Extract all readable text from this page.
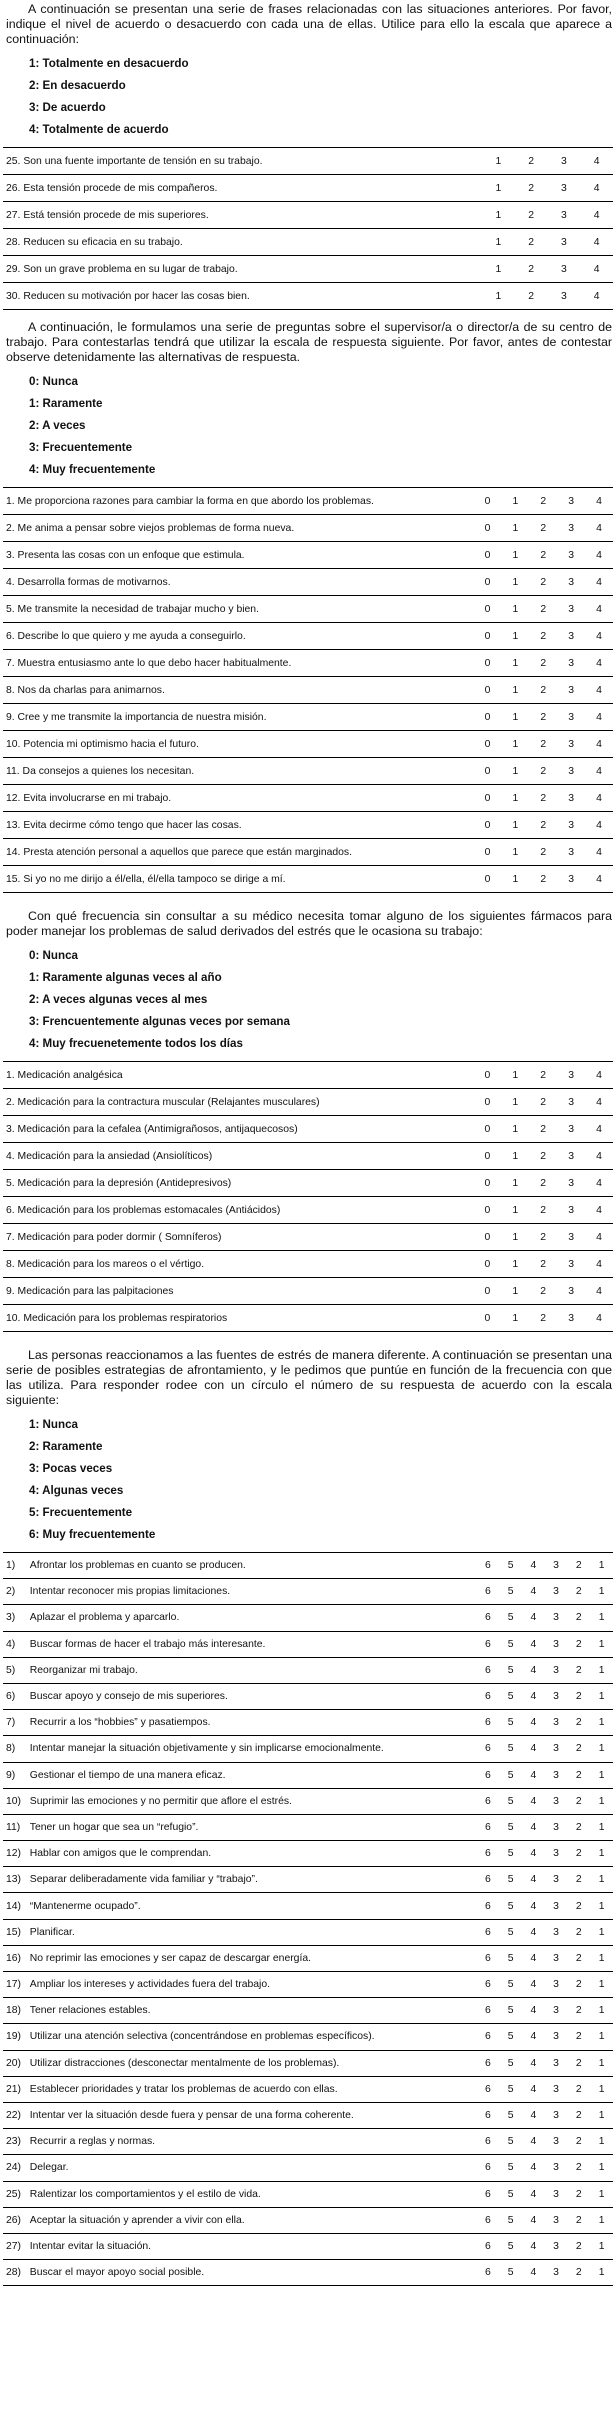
A continuación se presentan una serie de frases relacionadas con las situaciones anteriores. Por favor, indique el nivel de acuerdo o desacuerdo con cada una de ellas. Utilice para ello la escala que aparece a continuación:

1: Totalmente en desacuerdo
2: En desacuerdo
3: De acuerdo
4: Totalmente de acuerdo
25. Son una fuente importante de tensión en su trabajo.	1	2	3	4
26. Esta tensión procede de mis compañeros.	1	2	3	4
27. Está tensión procede de mis superiores.	1	2	3	4
28. Reducen su eficacia en su trabajo.	1	2	3	4
29. Son un grave problema en su lugar de trabajo.	1	2	3	4
30. Reducen su motivación por hacer las cosas bien.	1	2	3	4

A continuación, le formulamos una serie de preguntas sobre el supervisor/a o director/a de su centro de trabajo. Para contestarlas tendrá que utilizar la escala de respuesta siguiente. Por favor, antes de contestar observe detenidamente las alternativas de respuesta.

0: Nunca
1: Raramente
2: A veces
3: Frecuentemente
4: Muy frecuentemente
1. Me proporciona razones para cambiar la forma en que abordo los problemas.	0	1	2	3	4
2. Me anima a pensar sobre viejos problemas de forma nueva.	0	1	2	3	4
3. Presenta las cosas con un enfoque que estimula.	0	1	2	3	4
4. Desarrolla formas de motivarnos.	0	1	2	3	4
5. Me transmite la necesidad de trabajar mucho y bien.	0	1	2	3	4
6. Describe lo que quiero y me ayuda a conseguirlo.	0	1	2	3	4
7. Muestra entusiasmo ante lo que debo hacer habitualmente.	0	1	2	3	4
8. Nos da charlas para animarnos.	0	1	2	3	4
9. Cree y me transmite la importancia de nuestra misión.	0	1	2	3	4
10. Potencia mi optimismo hacia el futuro.	0	1	2	3	4
11. Da consejos a quienes los necesitan.	0	1	2	3	4
12. Evita involucrarse en mi trabajo.	0	1	2	3	4
13. Evita decirme cómo tengo que hacer las cosas.	0	1	2	3	4
14. Presta atención personal a aquellos que parece que están marginados.	0	1	2	3	4
15. Si yo no me dirijo a él/ella, él/ella tampoco se dirige a mí.	0	1	2	3	4

Con qué frecuencia sin consultar a su médico necesita tomar alguno de los siguientes fármacos para poder manejar los problemas de salud derivados del estrés que le ocasiona su trabajo:

0: Nunca
1: Raramente algunas veces al año
2: A veces algunas veces al mes
3: Frencuentemente algunas veces por semana
4: Muy frecuenetemente todos los días
1. Medicación analgésica	0	1	2	3	4
2. Medicación para la contractura muscular (Relajantes musculares)	0	1	2	3	4
3. Medicación para la cefalea (Antimigrañosos, antijaquecosos)	0	1	2	3	4
4. Medicación para la ansiedad (Ansiolíticos)	0	1	2	3	4
5. Medicación para la depresión (Antidepresivos)	0	1	2	3	4
6. Medicación para los problemas estomacales (Antiácidos)	0	1	2	3	4
7. Medicación para poder dormir ( Somníferos)	0	1	2	3	4
8. Medicación para los mareos o el vértigo.	0	1	2	3	4
9. Medicación para las palpitaciones	0	1	2	3	4
10. Medicación para los problemas respiratorios	0	1	2	3	4

Las personas reaccionamos a las fuentes de estrés de manera diferente. A continuación se presentan una serie de posibles estrategias de afrontamiento, y le pedimos que puntúe en función de la frecuencia con que las utiliza. Para responder rodee con un círculo el número de su respuesta de acuerdo con la escala siguiente:

1: Nunca
2: Raramente
3: Pocas veces
4: Algunas veces
5: Frecuentemente
6: Muy frecuentemente
1)	Afrontar los problemas en cuanto se producen.	6	5	4	3	2	1
2)	Intentar reconocer mis propias limitaciones.	6	5	4	3	2	1
3)	Aplazar el problema y aparcarlo.	6	5	4	3	2	1
4)	Buscar formas de hacer el trabajo más interesante.	6	5	4	3	2	1
5)	Reorganizar mi trabajo.	6	5	4	3	2	1
6)	Buscar apoyo y consejo de mis superiores.	6	5	4	3	2	1
7)	Recurrir a los “hobbies” y pasatiempos.	6	5	4	3	2	1
8)	Intentar manejar la situación objetivamente y sin implicarse emocionalmente.	6	5	4	3	2	1
9)	Gestionar el tiempo de una manera eficaz.	6	5	4	3	2	1
10)	Suprimir las emociones y no permitir que aflore el estrés.	6	5	4	3	2	1
11)	Tener un hogar que sea un “refugio”.	6	5	4	3	2	1
12)	Hablar con amigos que le comprendan.	6	5	4	3	2	1
13)	Separar deliberadamente vida familiar y “trabajo”.	6	5	4	3	2	1
14)	“Mantenerme ocupado”.	6	5	4	3	2	1
15)	Planificar.	6	5	4	3	2	1
16)	No reprimir las emociones y ser capaz de descargar energía.	6	5	4	3	2	1
17)	Ampliar los intereses y actividades fuera del trabajo.	6	5	4	3	2	1
18)	Tener relaciones estables.	6	5	4	3	2	1
19)	Utilizar una atención selectiva (concentrándose en problemas específicos).	6	5	4	3	2	1
20)	Utilizar distracciones (desconectar mentalmente de los problemas).	6	5	4	3	2	1
21)	Establecer prioridades y tratar los problemas de acuerdo con ellas.	6	5	4	3	2	1
22)	Intentar ver la situación desde fuera y pensar de una forma coherente.	6	5	4	3	2	1
23)	Recurrir a reglas y normas.	6	5	4	3	2	1
24)	Delegar.	6	5	4	3	2	1
25)	Ralentizar los comportamientos y el estilo de vida.	6	5	4	3	2	1
26)	Aceptar la situación y aprender a vivir con ella.	6	5	4	3	2	1
27)	Intentar evitar la situación.	6	5	4	3	2	1
28)	Buscar el mayor apoyo social posible.	6	5	4	3	2	1
